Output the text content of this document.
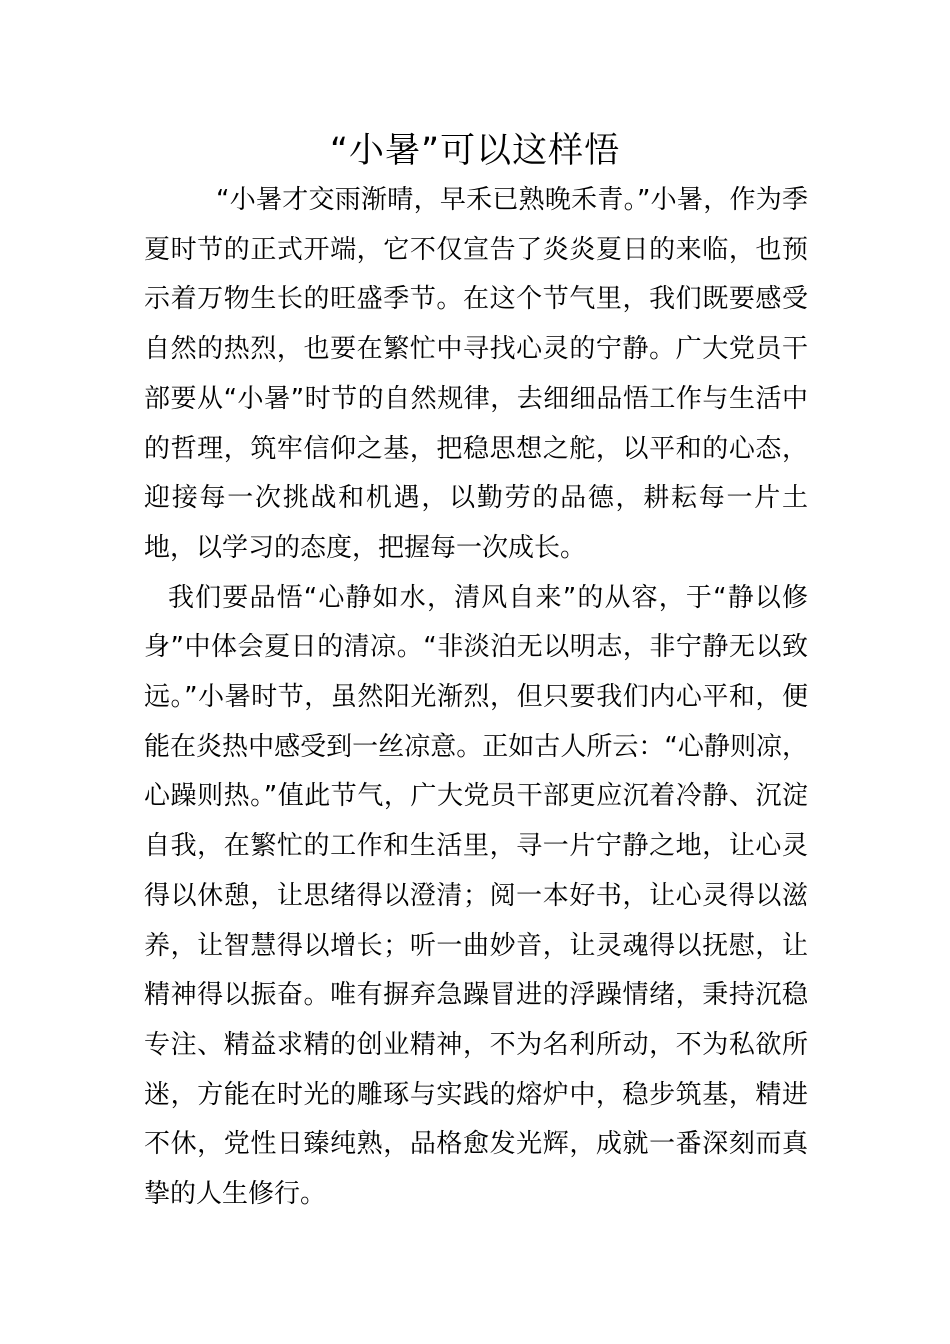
“小暑”可以这样悟

“小暑才交雨渐晴，早禾已熟晚禾青。”小暑，作为季夏时节的正式开端，它不仅宣告了炎炎夏日的来临，也预示着万物生长的旺盛季节。在这个节气里，我们既要感受自然的热烈，也要在繁忙中寻找心灵的宁静。广大党员干部要从“小暑”时节的自然规律，去细细品悟工作与生活中的哲理，筑牢信仰之基，把稳思想之舵，以平和的心态，迎接每一次挑战和机遇，以勤劳的品德，耕耘每一片土地，以学习的态度，把握每一次成长。

我们要品悟“心静如水，清风自来”的从容，于“静以修身”中体会夏日的清凉。“非淡泊无以明志，非宁静无以致远。”小暑时节，虽然阳光渐烈，但只要我们内心平和，便能在炎热中感受到一丝凉意。正如古人所云：“心静则凉，心躁则热。”值此节气，广大党员干部更应沉着冷静、沉淀自我，在繁忙的工作和生活里，寻一片宁静之地，让心灵得以休憩，让思绪得以澄清；阅一本好书，让心灵得以滋养，让智慧得以增长；听一曲妙音，让灵魂得以抚慰，让精神得以振奋。唯有摒弃急躁冒进的浮躁情绪，秉持沉稳专注、精益求精的创业精神，不为名利所动，不为私欲所迷，方能在时光的雕琢与实践的熔炉中，稳步筑基，精进不休，党性日臻纯熟，品格愈发光辉，成就一番深刻而真挚的人生修行。
